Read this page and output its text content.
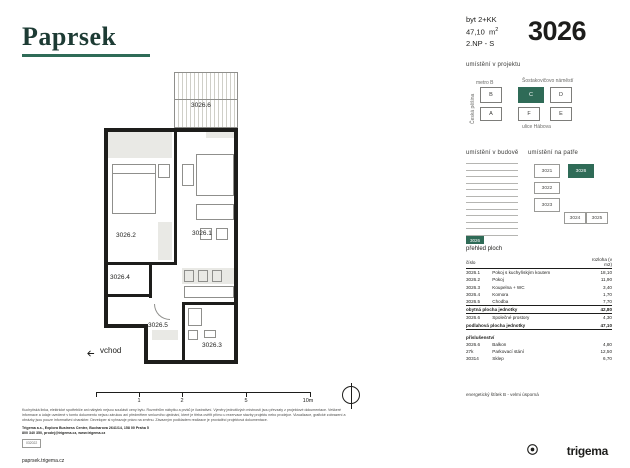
Paprsek
byt 2+KK
47,10 $m^2$
2.NP - S	3026
umístění v projektu
metro B
Česká pěšina
Šostakovičovo náměstí
ulice Hábova
B	C	D
A	F	E
umístění v budově umístění na patře
3021	3026
3022
3023
3024	3025
3026
přehled ploch
číslo		rozloha (v m2)
3026.1	Pokoj s kuchyňským koutem	18,10
3026.2	Pokoj	11,90
3026.3	Koupelna + WC	3,40
3026.4	Komora	1,70
3026.5	Chodba	7,70
obytná plocha jednotky		42,80
3026.6	Společné prostory	4,30
podlahová plocha jednotky		47,10
příslušenství		
3026.6	Balkon	4,80
27k	Parkovací stání	12,50
30314	Sklep	6,70
energetický štítek B - velmi úsporná
3026.6
3026.2	3026.1
3026.4
3026.5
3026.3
vchod
1	2	5	10m
Kuchyňská linka, elektrické spotřebiče ani nábytek nejsou součástí ceny bytu. Rozměrům nábytku a prvků je ilustrativní. Výměry jednotlivých místností jsou převzaty z projektové dokumentace. Veškeré informace a údaje uvedené v tomto dokumentu nejsou zárukou ani předmětem smluvního ujednání, které je třeba ověřit přímo u rezervace stavby projektu nebo prodejce. Vizualizace, grafické zobrazení a obrázky jsou pouze informativní charakter. Developer si vyhrazuje právo na změnu. Závazným podkladem realizace je prováděcí projektová dokumentace.
Trigema a.s., Explora Business Centre, Bucharova 2641/14, 158 00 Praha 5
800 340 350, prodej@trigema.cz, www.trigema.cz
032022
paprsek.trigema.cz
trigema
